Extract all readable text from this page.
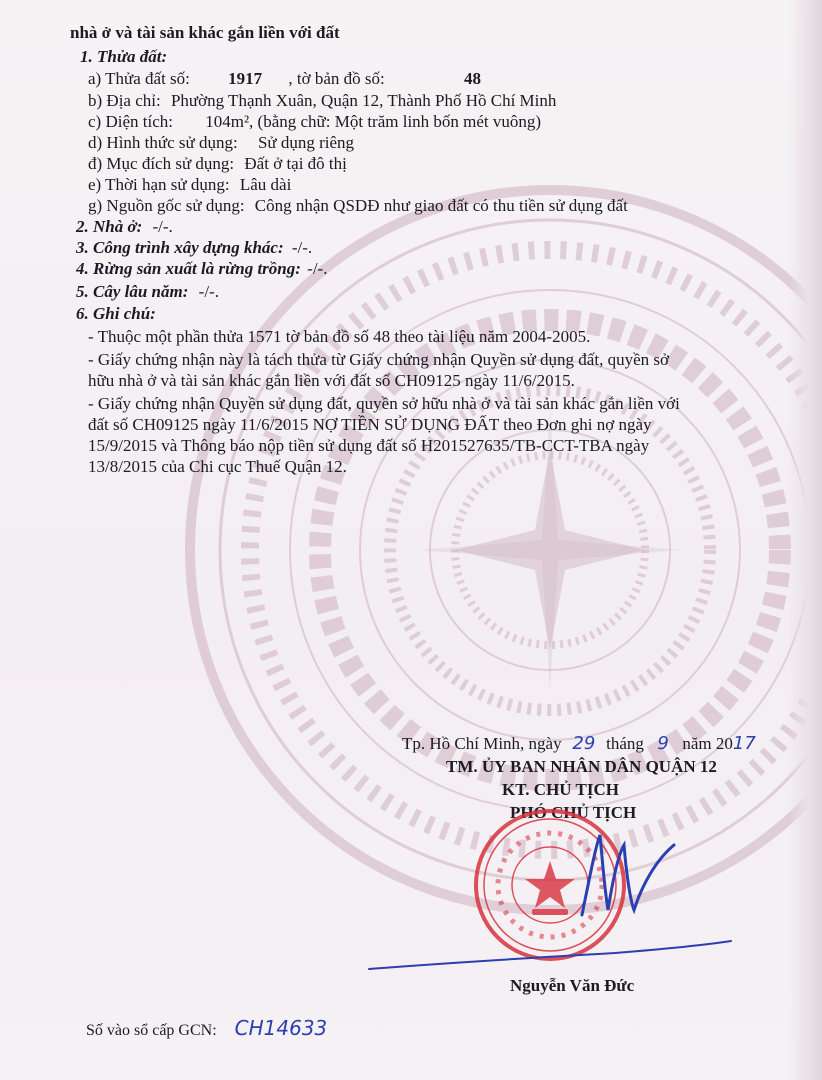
nhà ở và tài sản khác gắn liền với đất
1. Thửa đất:
a) Thửa đất số: 1917 , tờ bản đồ số:	48
b) Địa chỉ: Phường Thạnh Xuân, Quận 12, Thành Phố Hồ Chí Minh
c) Diện tích: 104m², (bằng chữ: Một trăm linh bốn mét vuông)
d) Hình thức sử dụng: Sử dụng riêng
đ) Mục đích sử dụng: Đất ở tại đô thị
e) Thời hạn sử dụng: Lâu dài
g) Nguồn gốc sử dụng: Công nhận QSDĐ như giao đất có thu tiền sử dụng đất
2. Nhà ở: -/-.
3. Công trình xây dựng khác: -/-.
4. Rừng sản xuất là rừng trồng: -/-.
5. Cây lâu năm: -/-.
6. Ghi chú:
- Thuộc một phần thửa 1571 tờ bản đồ số 48 theo tài liệu năm 2004-2005.
- Giấy chứng nhận này là tách thửa từ Giấy chứng nhận Quyền sử dụng đất, quyền sở
hữu nhà ở và tài sản khác gắn liền với đất số CH09125 ngày 11/6/2015.
- Giấy chứng nhận Quyền sử dụng đất, quyền sở hữu nhà ở và tài sản khác gắn liền với
đất số CH09125 ngày 11/6/2015 NỢ TIỀN SỬ DỤNG ĐẤT theo Đơn ghi nợ ngày
15/9/2015 và Thông báo nộp tiền sử dụng đất số H201527635/TB-CCT-TBA ngày
13/8/2015 của Chi cục Thuế Quận 12.
Tp. Hồ Chí Minh, ngày 29 tháng 9 năm 2017
TM. ỦY BAN NHÂN DÂN QUẬN 12
KT. CHỦ TỊCH
PHÓ CHỦ TỊCH
Nguyễn Văn Đức
Số vào sổ cấp GCN: CH14633
